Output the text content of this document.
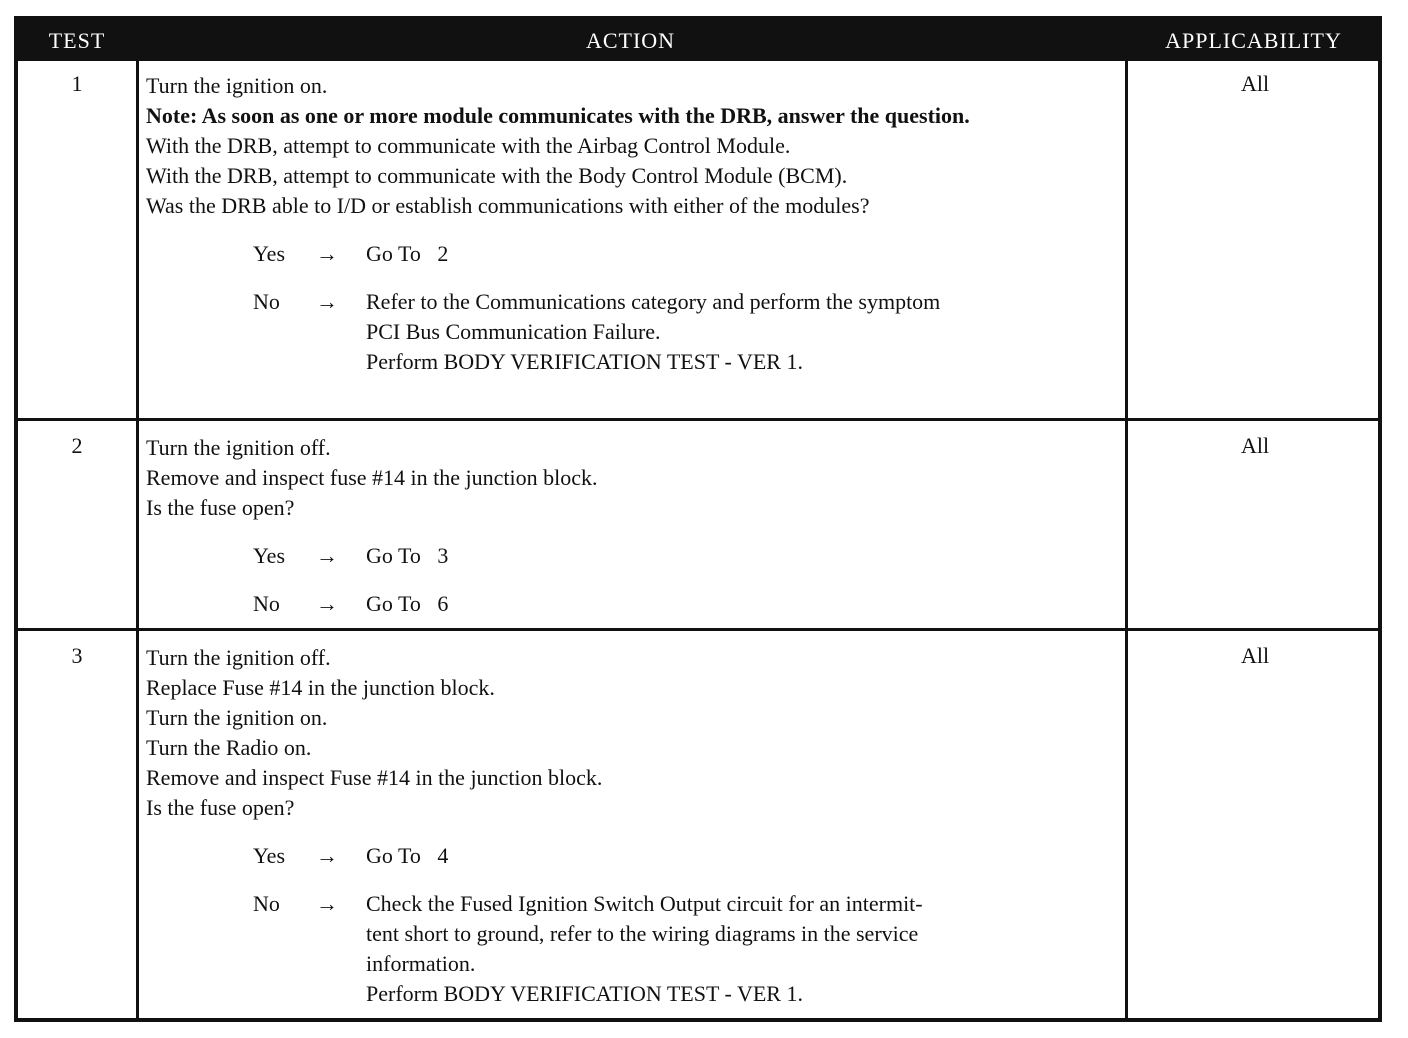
TEST	ACTION	APPLICABILITY
1	Turn the ignition on.
Note: As soon as one or more module communicates with the DRB, answer the question.
With the DRB, attempt to communicate with the Airbag Control Module.
With the DRB, attempt to communicate with the Body Control Module (BCM).
Was the DRB able to I/D or establish communications with either of the modules?
Yes → Go To   2
No → Refer to the Communications category and perform the symptom
PCI Bus Communication Failure.
Perform BODY VERIFICATION TEST - VER 1.
All
2	Turn the ignition off.
Remove and inspect fuse #14 in the junction block.
Is the fuse open?
Yes → Go To   3
No → Go To   6
All
3	Turn the ignition off.
Replace Fuse #14 in the junction block.
Turn the ignition on.
Turn the Radio on.
Remove and inspect Fuse #14 in the junction block.
Is the fuse open?
Yes → Go To   4
No → Check the Fused Ignition Switch Output circuit for an intermit-
tent short to ground, refer to the wiring diagrams in the service
information.
Perform BODY VERIFICATION TEST - VER 1.
All
